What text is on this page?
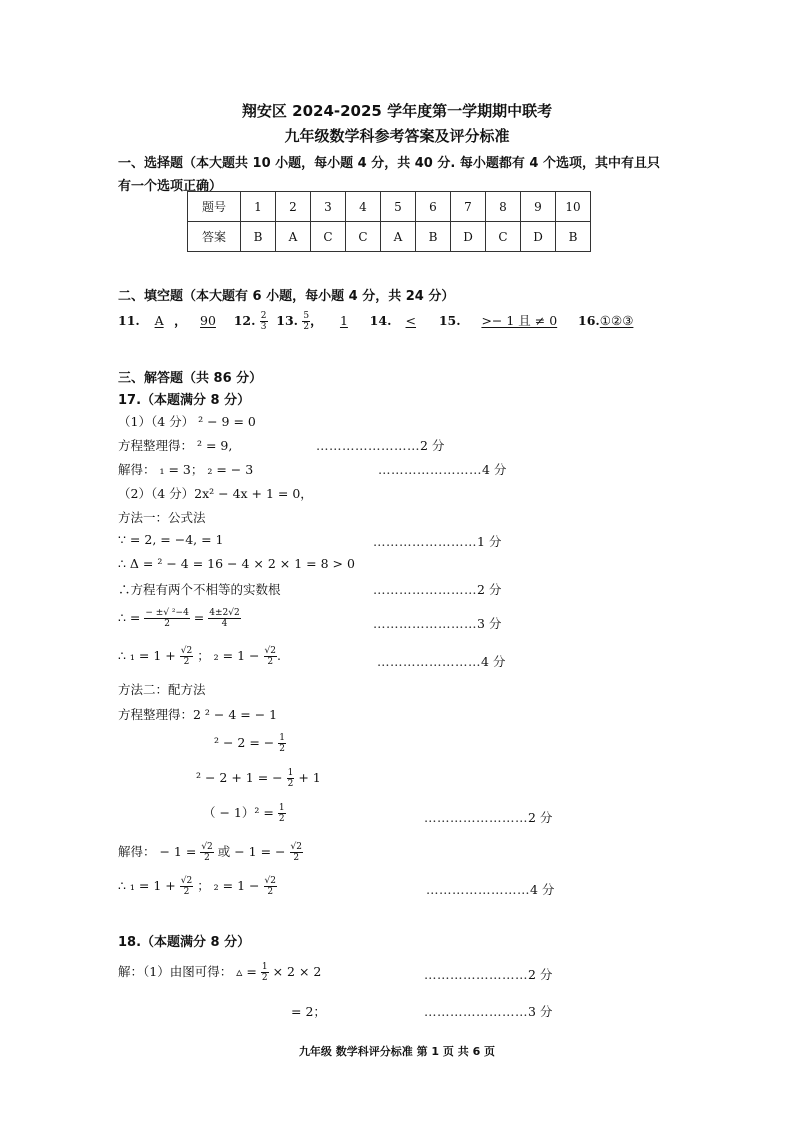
翔安区 2024-2025 学年度第一学期期中联考
九年级数学科参考答案及评分标准
一、选择题（本大题共 10 小题，每小题 4 分，共 40 分. 每小题都有 4 个选项，其中有且只
有一个选项正确）
题号	1	2	3	4	5	6	7	8	9	10
答案	B	A	C	C	A	B	D	C	D	B
二、填空题（本大题有 6 小题，每小题 4 分，共 24 分）
11. A ， 90 12. $\frac{2}{3} 13$. $\frac{5}{2}$ ， 1 14. < 15. >− 1 且 ≠ 0 16.①②③
三、解答题（共 86 分）
17.（本题满分 8 分）
（1）（4 分） ² − 9 = 0
方程整理得： ² = 9,	……………………2 分
解得： ₁ = 3； ₂ = − 3	……………………4 分
（2）（4 分）2x² − 4x + 1 = 0，
方法一：公式法
∵ = 2, = −4, = 1	……………………1 分
∴ Δ = ² − 4 = 16 − 4 × 2 × 1 = 8 > 0
∴方程有两个不相等的实数根	……………………2 分
∴ = $\frac{\text{− ±√ ²−4}}{2} = \frac{4\pm 2√2}{4}$	……………………3 分
∴ $_1 = 1 + \frac{√2}{2}$ ； $_2 = 1 - \frac{√2}{2}$ .	……………………4 分
方法二：配方法
方程整理得：2 ² − 4 = − 1
² − 2 = − $\frac{1}{2}$
² − 2 + 1 = − $\frac{1}{2} + 1$
（ − $1)^2 = \frac{1}{2}$	……………………2 分
解得： − $1 = \frac{√2}{2}$ 或 − 1 = − $\frac{√2}{2}$
∴ $_1 = 1 + \frac{√2}{2}$ ； $_2 = 1 - \frac{√2}{2}$	……………………4 分
18.（本题满分 8 分）
解：（1）由图可得： ▵ = $\frac{1}{2} \times 2 \times 2$	……………………2 分
= 2；	……………………3 分
九年级 数学科评分标准 第 1 页 共 6 页
